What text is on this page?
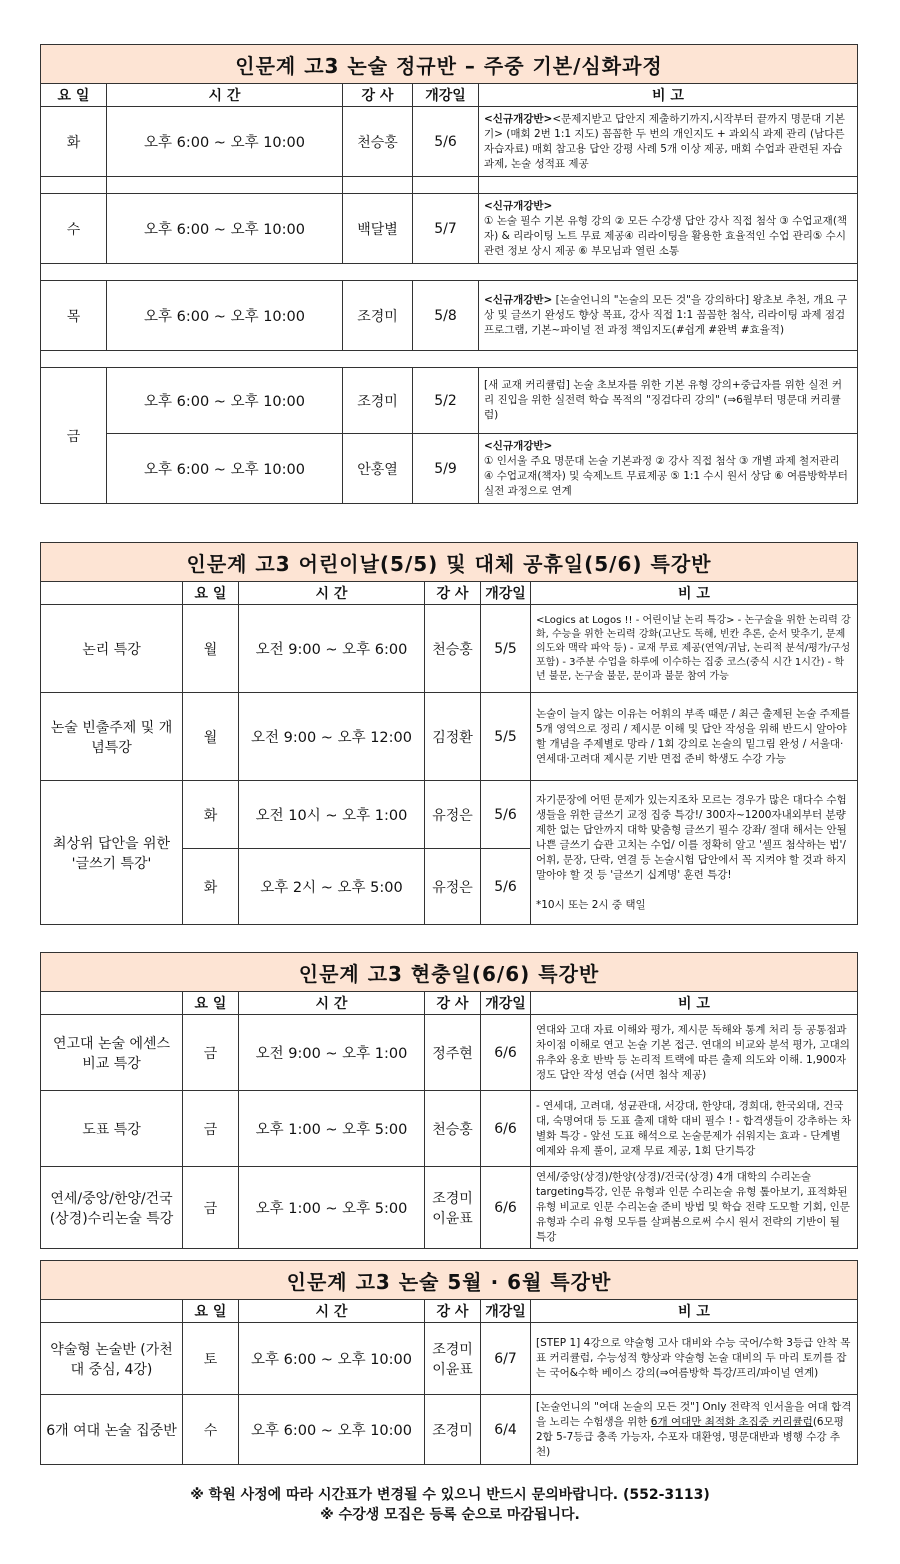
인문계 고3 논술 정규반 – 주중 기본/심화과정				
요 일	시 간	강 사	개강일	비 고
화	오후 6:00 ~ 오후 10:00	천승홍	5/6	<신규개강반><문제지받고 답안지 제출하기까지,시작부터 끝까지 명문대 기본기> (매회 2번 1:1 지도) 꼼꼼한 두 번의 개인지도 + 과외식 과제 관리 (남다른 자습자료) 매회 참고용 답안 강평 사례 5개 이상 제공, 매회 수업과 관련된 자습 과제, 논술 성적표 제공

수	오후 6:00 ~ 오후 10:00	백달별	5/7	<신규개강반>
① 논술 필수 기본 유형 강의 ② 모든 수강생 답안 강사 직접 첨삭 ③ 수업교재(책자) & 리라이팅 노트 무료 제공④ 리라이팅을 활용한 효율적인 수업 관리⑤ 수시 관련 정보 상시 제공 ⑥ 부모님과 열린 소통

목	오후 6:00 ~ 오후 10:00	조경미	5/8	<신규개강반> [논술언니의 "논술의 모든 것"을 강의하다] 왕초보 추천, 개요 구상 및 글쓰기 완성도 향상 목표, 강사 직접 1:1 꼼꼼한 첨삭, 리라이팅 과제 점검 프로그램, 기본~파이널 전 과정 책임지도(#쉽게 #완벽 #효율적)

금	오후 6:00 ~ 오후 10:00	조경미	5/2	[새 교재 커리큘럼] 논술 초보자를 위한 기본 유형 강의+중급자를 위한 실전 커리 진입을 위한 실전력 학습 목적의 "징검다리 강의" (⇒6월부터 명문대 커리큘럼)
	오후 6:00 ~ 오후 10:00	안홍열	5/9	<신규개강반>
① 인서울 주요 명문대 논술 기본과정 ② 강사 직접 첨삭 ③ 개별 과제 철저관리 ④ 수업교재(책자) 및 숙제노트 무료제공 ⑤ 1:1 수시 원서 상담 ⑥ 여름방학부터 실전 과정으로 연계
인문계 고3 어린이날(5/5) 및 대체 공휴일(5/6) 특강반					
	요 일	시 간	강 사	개강일	비 고
논리 특강	월	오전 9:00 ~ 오후 6:00	천승홍	5/5	<Logics at Logos !! - 어린이날 논리 특강> - 논구술을 위한 논리력 강화, 수능을 위한 논리력 강화(고난도 독해, 빈칸 추론, 순서 맞추기, 문제 의도와 맥락 파악 등) - 교재 무료 제공(연역/귀납, 논리적 분석/평가/구성 포함) - 3주분 수업을 하루에 이수하는 집중 코스(중식 시간 1시간) - 학년 불문, 논구술 불문, 문이과 불문 참여 가능
논술 빈출주제 및 개념특강	월	오전 9:00 ~ 오후 12:00	김정환	5/5	논술이 늘지 않는 이유는 어휘의 부족 때문 / 최근 출제된 논술 주제를 5개 영역으로 정리 / 제시문 이해 및 답안 작성을 위해 반드시 알아야 할 개념을 주제별로 망라 / 1회 강의로 논술의 밑그림 완성 / 서울대·연세대·고려대 제시문 기반 면접 준비 학생도 수강 가능
최상위 답안을 위한 '글쓰기 특강'	화	오전 10시 ~ 오후 1:00	유정은	5/6	자기문장에 어떤 문제가 있는지조차 모르는 경우가 많은 대다수 수험생들을 위한 글쓰기 교정 집중 특강!/ 300자~1200자내외부터 분량제한 없는 답안까지 대학 맞춤형 글쓰기 필수 강좌/ 절대 해서는 안될 나쁜 글쓰기 습관 고치는 수업/ 이를 정확히 알고 '셀프 첨삭하는 법'/ 어휘, 문장, 단락, 연결 등 논술시험 답안에서 꼭 지켜야 할 것과 하지 말아야 할 것 등 '글쓰기 십계명' 훈련 특강!

*10시 또는 2시 중 택일
	화	오후 2시 ~ 오후 5:00	유정은	5/6	
인문계 고3 현충일(6/6) 특강반					
	요 일	시 간	강 사	개강일	비 고
연고대 논술 에센스 비교 특강	금	오전 9:00 ~ 오후 1:00	정주현	6/6	연대와 고대 자료 이해와 평가, 제시문 독해와 통계 처리 등 공통점과 차이점 이해로 연고 논술 기본 접근. 연대의 비교와 분석 평가, 고대의 유추와 옹호 반박 등 논리적 트랙에 따른 출제 의도와 이해. 1,900자 정도 답안 작성 연습 (서면 첨삭 제공)
도표 특강	금	오후 1:00 ~ 오후 5:00	천승홍	6/6	- 연세대, 고려대, 성균관대, 서강대, 한양대, 경희대, 한국외대, 건국대, 숙명여대 등 도표 출제 대학 대비 필수 ! - 합격생들이 강추하는 차별화 특강 - 앞선 도표 해석으로 논술문제가 쉬워지는 효과 - 단계별 예제와 유제 풀이, 교재 무료 제공, 1회 단기특강
연세/중앙/한양/건국(상경)수리논술 특강	금	오후 1:00 ~ 오후 5:00	조경미 이윤표	6/6	연세/중앙(상경)/한양(상경)/건국(상경) 4개 대학의 수리논술 targeting특강, 인문 유형과 인문 수리논술 유형 톺아보기, 표적화된 유형 비교로 인문 수리논술 준비 방법 및 학습 전략 도모할 기회, 인문 유형과 수리 유형 모두를 살펴봄으로써 수시 원서 전략의 기반이 될 특강
인문계 고3 논술 5월 · 6월 특강반					
	요 일	시 간	강 사	개강일	비 고
약술형 논술반 (가천대 중심, 4강)	토	오후 6:00 ~ 오후 10:00	조경미 이윤표	6/7	[STEP 1] 4강으로 약술형 고사 대비와 수능 국어/수학 3등급 안착 목표 커리큘럼, 수능성적 향상과 약술형 논술 대비의 두 마리 토끼를 잡는 국어&수학 베이스 강의(⇒여름방학 특강/프리/파이널 연계)
6개 여대 논술 집중반	수	오후 6:00 ~ 오후 10:00	조경미	6/4	[논술언니의 "여대 논술의 모든 것"] Only 전략적 인서울을 여대 합격을 노리는 수험생을 위한 6개 여대만 최적화 초집중 커리큘럼(6모평 2합 5-7등급 충족 가능자, 수포자 대환영, 명문대반과 병행 수강 추천)
※ 학원 사정에 따라 시간표가 변경될 수 있으니 반드시 문의바랍니다. (552-3113)
※ 수강생 모집은 등록 순으로 마감됩니다.
